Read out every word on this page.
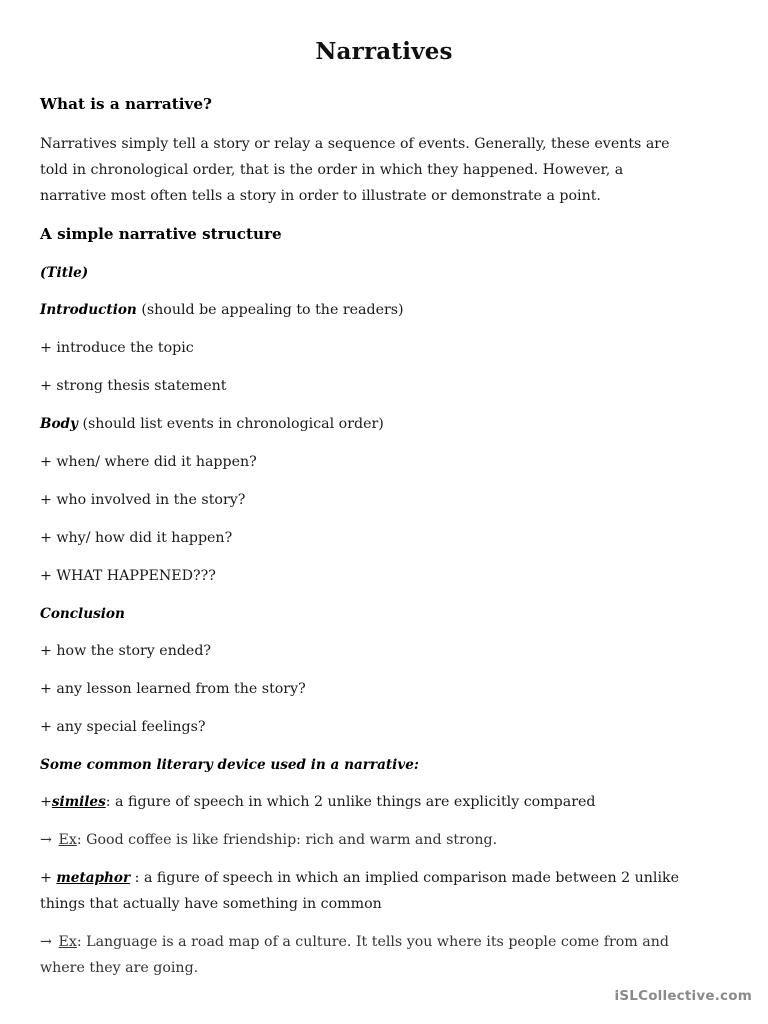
Narratives
What is a narrative?
Narratives simply tell a story or relay a sequence of events. Generally, these events are
told in chronological order, that is the order in which they happened. However, a
narrative most often tells a story in order to illustrate or demonstrate a point.
A simple narrative structure
(Title)
Introduction (should be appealing to the readers)
+ introduce the topic
+ strong thesis statement
Body (should list events in chronological order)
+ when/ where did it happen?
+ who involved in the story?
+ why/ how did it happen?
+ WHAT HAPPENED???
Conclusion
+ how the story ended?
+ any lesson learned from the story?
+ any special feelings?
Some common literary device used in a narrative:
+similes: a figure of speech in which 2 unlike things are explicitly compared
→ Ex: Good coffee is like friendship: rich and warm and strong.
+ metaphor : a figure of speech in which an implied comparison made between 2 unlike
things that actually have something in common
→ Ex: Language is a road map of a culture. It tells you where its people come from and
where they are going.
iSLCollective.com
